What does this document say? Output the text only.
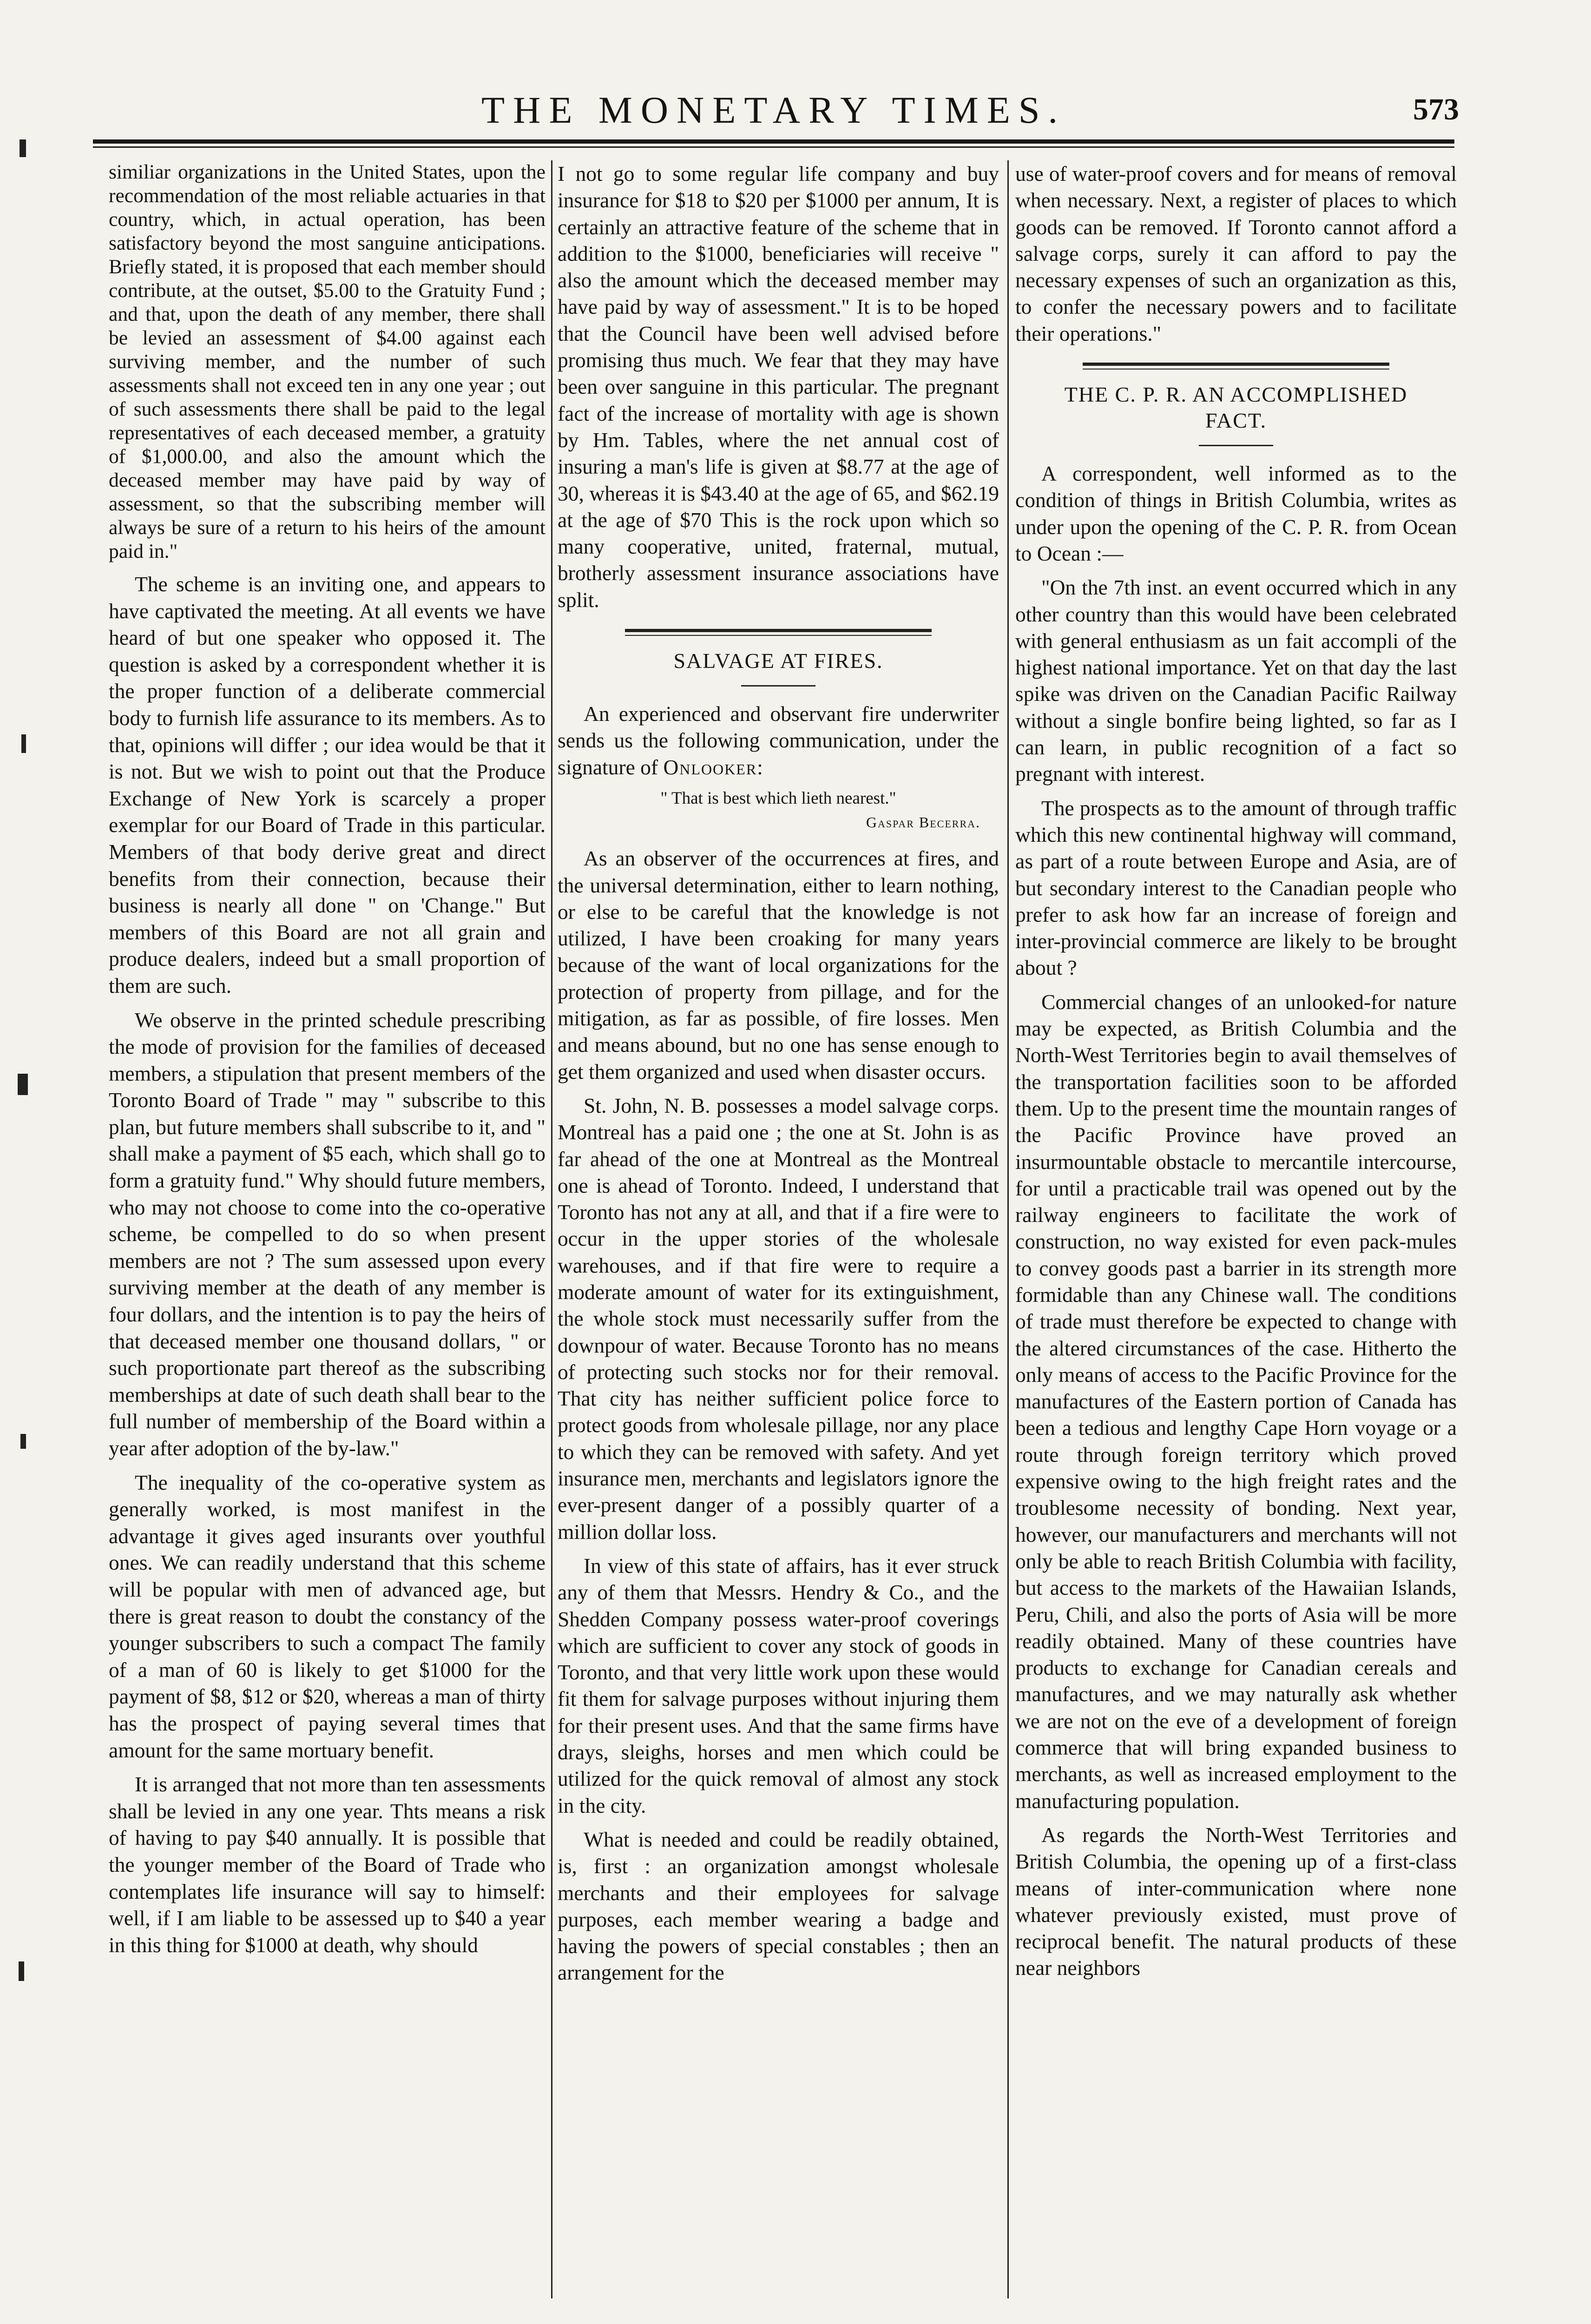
THE MONETARY TIMES.	573

similiar organizations in the United States, upon the recommendation of the most reliable actuaries in that country, which, in actual operation, has been satisfactory beyond the most sanguine anticipations. Briefly stated, it is proposed that each member should contribute, at the outset, $5.00 to the Gratuity Fund ; and that, upon the death of any member, there shall be levied an assessment of $4.00 against each surviving member, and the number of such assessments shall not exceed ten in any one year ; out of such assessments there shall be paid to the legal representatives of each deceased member, a gratuity of $1,000.00, and also the amount which the deceased member may have paid by way of assessment, so that the subscribing member will always be sure of a return to his heirs of the amount paid in."

The scheme is an inviting one, and appears to have captivated the meeting. At all events we have heard of but one speaker who opposed it. The question is asked by a correspondent whether it is the proper function of a deliberate commercial body to furnish life assurance to its members. As to that, opinions will differ ; our idea would be that it is not. But we wish to point out that the Produce Exchange of New York is scarcely a proper exemplar for our Board of Trade in this particular. Members of that body derive great and direct benefits from their connection, because their business is nearly all done " on 'Change." But members of this Board are not all grain and produce dealers, indeed but a small proportion of them are such.

We observe in the printed schedule prescribing the mode of provision for the families of deceased members, a stipulation that present members of the Toronto Board of Trade " may " subscribe to this plan, but future members shall subscribe to it, and " shall make a payment of $5 each, which shall go to form a gratuity fund." Why should future members, who may not choose to come into the co-operative scheme, be compelled to do so when present members are not ? The sum assessed upon every surviving member at the death of any member is four dollars, and the intention is to pay the heirs of that deceased member one thousand dollars, " or such proportionate part thereof as the subscribing memberships at date of such death shall bear to the full number of membership of the Board within a year after adoption of the by-law."

The inequality of the co-operative system as generally worked, is most manifest in the advantage it gives aged insurants over youthful ones. We can readily understand that this scheme will be popular with men of advanced age, but there is great reason to doubt the constancy of the younger subscribers to such a compact The family of a man of 60 is likely to get $1000 for the payment of $8, $12 or $20, whereas a man of thirty has the prospect of paying several times that amount for the same mortuary benefit.

It is arranged that not more than ten assessments shall be levied in any one year. Thts means a risk of having to pay $40 annually. It is possible that the younger member of the Board of Trade who contemplates life insurance will say to himself: well, if I am liable to be assessed up to $40 a year in this thing for $1000 at death, why should

I not go to some regular life company and buy insurance for $18 to $20 per $1000 per annum, It is certainly an attractive feature of the scheme that in addition to the $1000, beneficiaries will receive " also the amount which the deceased member may have paid by way of assessment." It is to be hoped that the Council have been well advised before promising thus much. We fear that they may have been over sanguine in this particular. The pregnant fact of the increase of mortality with age is shown by Hm. Tables, where the net annual cost of insuring a man's life is given at $8.77 at the age of 30, whereas it is $43.40 at the age of 65, and $62.19 at the age of $70 This is the rock upon which so many cooperative, united, fraternal, mutual, brotherly assessment insurance associations have split.

SALVAGE AT FIRES.

An experienced and observant fire underwriter sends us the following communication, under the signature of Onlooker:

" That is best which lieth nearest."
Gaspar Becerra.

As an observer of the occurrences at fires, and the universal determination, either to learn nothing, or else to be careful that the knowledge is not utilized, I have been croaking for many years because of the want of local organizations for the protection of property from pillage, and for the mitigation, as far as possible, of fire losses. Men and means abound, but no one has sense enough to get them organized and used when disaster occurs.

St. John, N. B. possesses a model salvage corps. Montreal has a paid one ; the one at St. John is as far ahead of the one at Montreal as the Montreal one is ahead of Toronto. Indeed, I understand that Toronto has not any at all, and that if a fire were to occur in the upper stories of the wholesale warehouses, and if that fire were to require a moderate amount of water for its extinguishment, the whole stock must necessarily suffer from the downpour of water. Because Toronto has no means of protecting such stocks nor for their removal. That city has neither sufficient police force to protect goods from wholesale pillage, nor any place to which they can be removed with safety. And yet insurance men, merchants and legislators ignore the ever-present danger of a possibly quarter of a million dollar loss.

In view of this state of affairs, has it ever struck any of them that Messrs. Hendry & Co., and the Shedden Company possess water-proof coverings which are sufficient to cover any stock of goods in Toronto, and that very little work upon these would fit them for salvage purposes without injuring them for their present uses. And that the same firms have drays, sleighs, horses and men which could be utilized for the quick removal of almost any stock in the city.

What is needed and could be readily obtained, is, first : an organization amongst wholesale merchants and their employees for salvage purposes, each member wearing a badge and having the powers of special constables ; then an arrangement for the

use of water-proof covers and for means of removal when necessary. Next, a register of places to which goods can be removed. If Toronto cannot afford a salvage corps, surely it can afford to pay the necessary expenses of such an organization as this, to confer the necessary powers and to facilitate their operations."

THE C. P. R. AN ACCOMPLISHED FACT.

A correspondent, well informed as to the condition of things in British Columbia, writes as under upon the opening of the C. P. R. from Ocean to Ocean :—

"On the 7th inst. an event occurred which in any other country than this would have been celebrated with general enthusiasm as un fait accompli of the highest national importance. Yet on that day the last spike was driven on the Canadian Pacific Railway without a single bonfire being lighted, so far as I can learn, in public recognition of a fact so pregnant with interest.

The prospects as to the amount of through traffic which this new continental highway will command, as part of a route between Europe and Asia, are of but secondary interest to the Canadian people who prefer to ask how far an increase of foreign and inter-provincial commerce are likely to be brought about ?

Commercial changes of an unlooked-for nature may be expected, as British Columbia and the North-West Territories begin to avail themselves of the transportation facilities soon to be afforded them. Up to the present time the mountain ranges of the Pacific Province have proved an insurmountable obstacle to mercantile intercourse, for until a practicable trail was opened out by the railway engineers to facilitate the work of construction, no way existed for even pack-mules to convey goods past a barrier in its strength more formidable than any Chinese wall. The conditions of trade must therefore be expected to change with the altered circumstances of the case. Hitherto the only means of access to the Pacific Province for the manufactures of the Eastern portion of Canada has been a tedious and lengthy Cape Horn voyage or a route through foreign territory which proved expensive owing to the high freight rates and the troublesome necessity of bonding. Next year, however, our manufacturers and merchants will not only be able to reach British Columbia with facility, but access to the markets of the Hawaiian Islands, Peru, Chili, and also the ports of Asia will be more readily obtained. Many of these countries have products to exchange for Canadian cereals and manufactures, and we may naturally ask whether we are not on the eve of a development of foreign commerce that will bring expanded business to merchants, as well as increased employment to the manufacturing population.

As regards the North-West Territories and British Columbia, the opening up of a first-class means of inter-communication where none whatever previously existed, must prove of reciprocal benefit. The natural products of these near neighbors
